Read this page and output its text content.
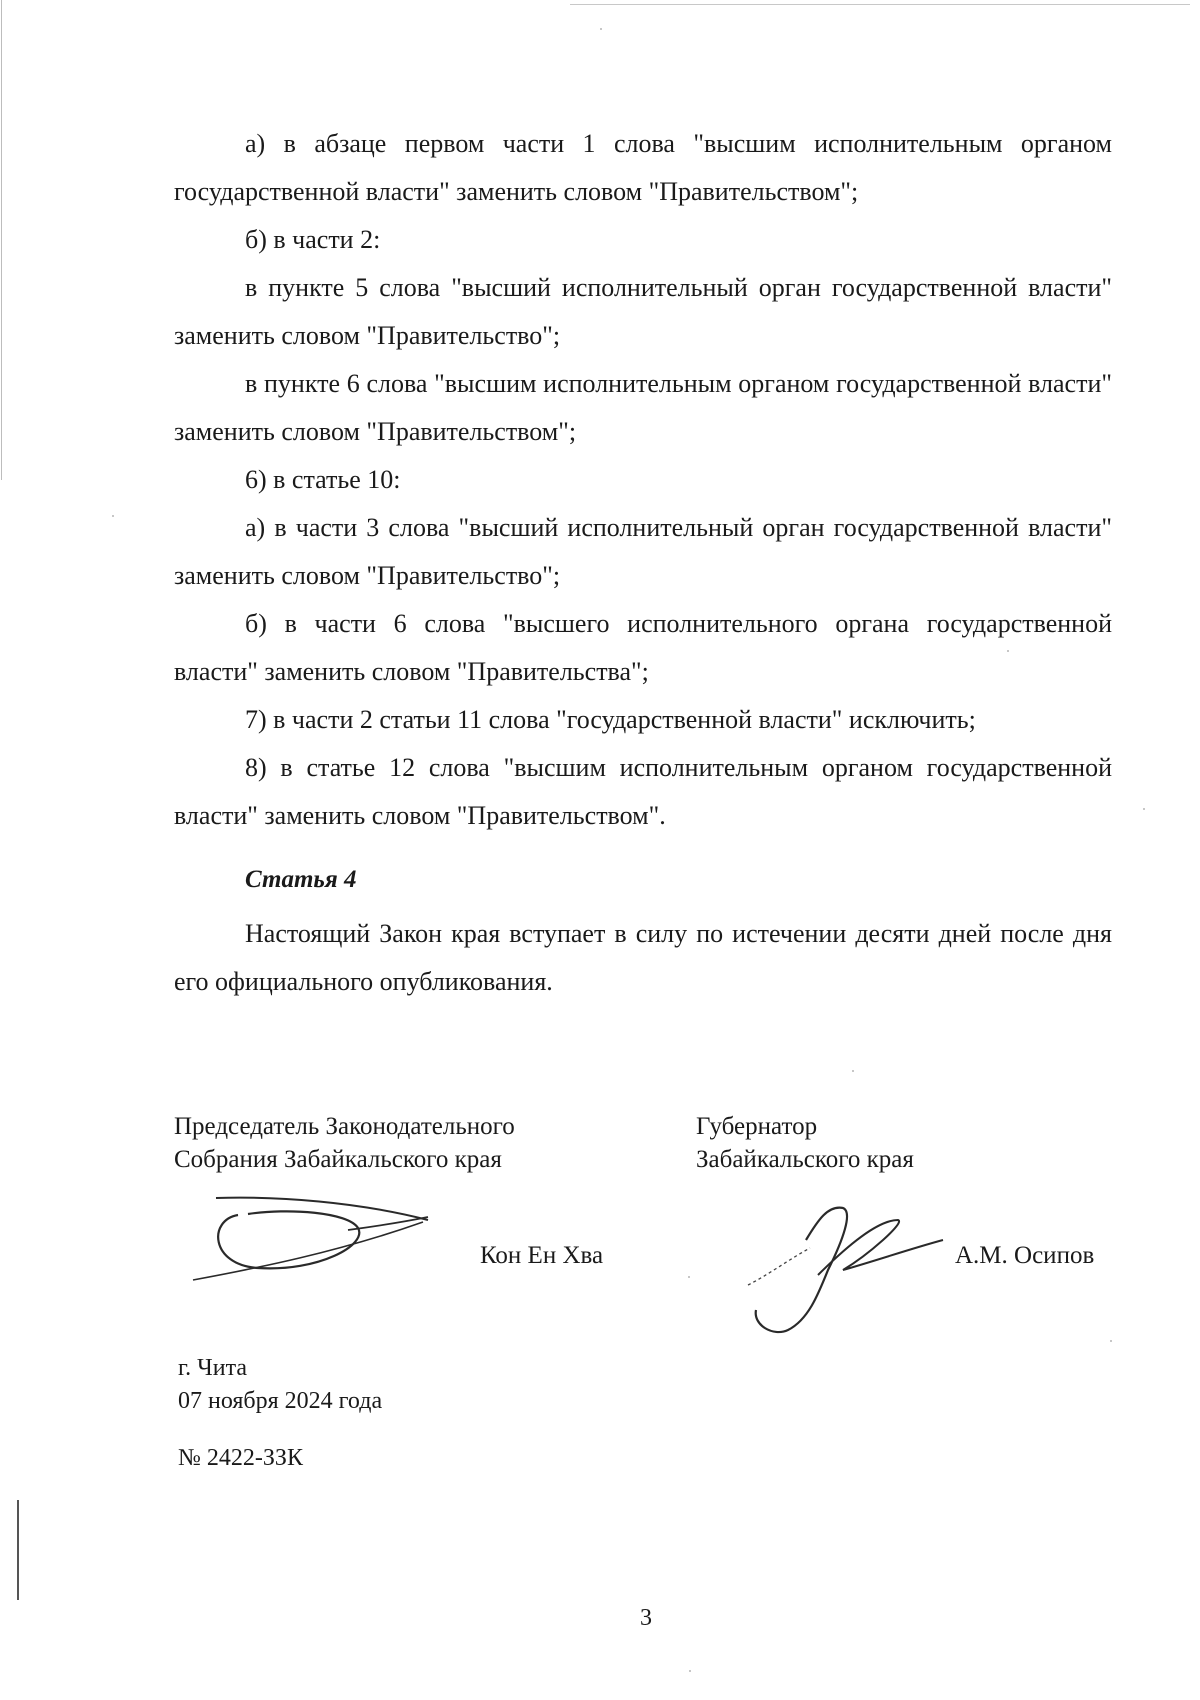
а) в абзаце первом части 1 слова "высшим исполнительным органом государственной власти" заменить словом "Правительством";

б) в части 2:

в пункте 5 слова "высший исполнительный орган государственной власти" заменить словом "Правительство";

в пункте 6 слова "высшим исполнительным органом государственной власти" заменить словом "Правительством";

6) в статье 10:

а) в части 3 слова "высший исполнительный орган государственной власти" заменить словом "Правительство";

б) в части 6 слова "высшего исполнительного органа государственной власти" заменить словом "Правительства";

7) в части 2 статьи 11 слова "государственной власти" исключить;

8) в статье 12 слова "высшим исполнительным органом государственной власти" заменить словом "Правительством".

Статья 4

Настоящий Закон края вступает в силу по истечении десяти дней после дня его официального опубликования.

Председатель Законодательного

Собрания Забайкальского края

Кон Ен Хва

Губернатор

Забайкальского края

А.М. Осипов

г. Чита

07 ноября 2024 года

№ 2422-ЗЗК

3
